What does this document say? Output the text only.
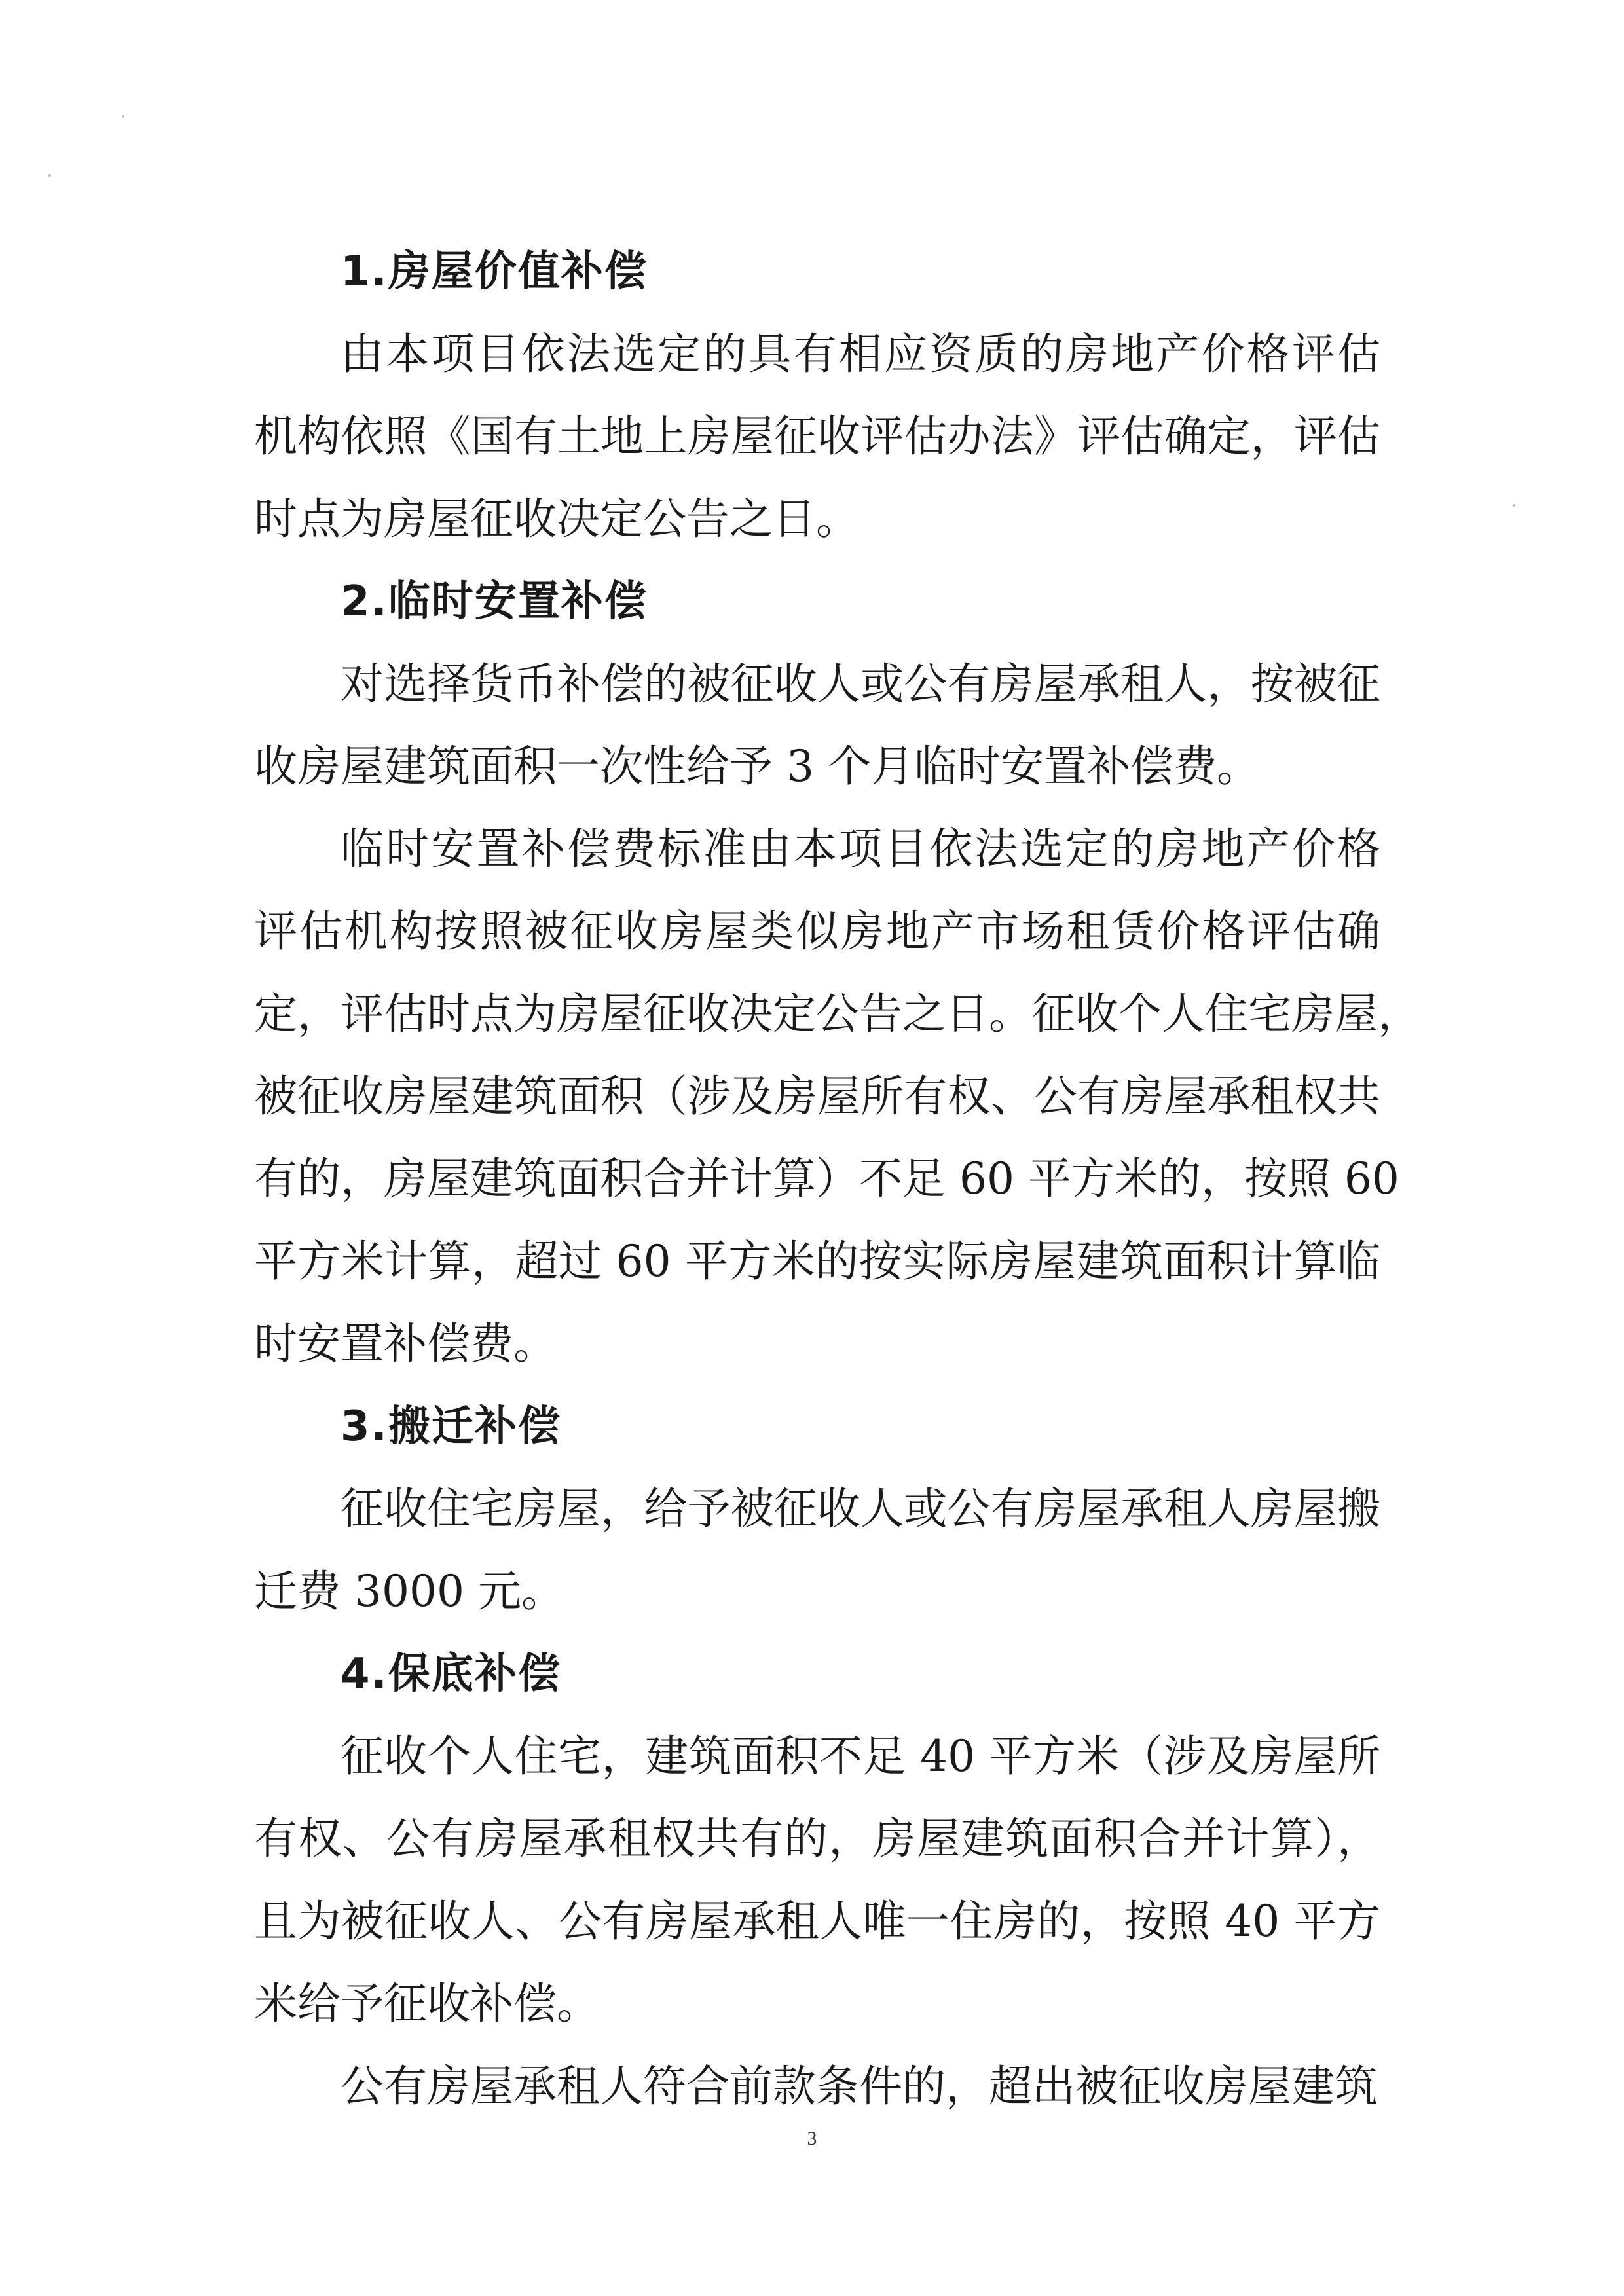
1.房屋价值补偿
由本项目依法选定的具有相应资质的房地产价格评估
机构依照《国有土地上房屋征收评估办法》评估确定，评估
时点为房屋征收决定公告之日。
2.临时安置补偿
对选择货币补偿的被征收人或公有房屋承租人，按被征
收房屋建筑面积一次性给予 3 个月临时安置补偿费。
临时安置补偿费标准由本项目依法选定的房地产价格
评估机构按照被征收房屋类似房地产市场租赁价格评估确
定，评估时点为房屋征收决定公告之日。征收个人住宅房屋，
被征收房屋建筑面积（涉及房屋所有权、公有房屋承租权共
有的，房屋建筑面积合并计算）不足 60 平方米的，按照 60
平方米计算，超过 60 平方米的按实际房屋建筑面积计算临
时安置补偿费。
3.搬迁补偿
征收住宅房屋，给予被征收人或公有房屋承租人房屋搬
迁费 3000 元。
4.保底补偿
征收个人住宅，建筑面积不足 40 平方米（涉及房屋所
有权、公有房屋承租权共有的，房屋建筑面积合并计算），
且为被征收人、公有房屋承租人唯一住房的，按照 40 平方
米给予征收补偿。
公有房屋承租人符合前款条件的，超出被征收房屋建筑
3
